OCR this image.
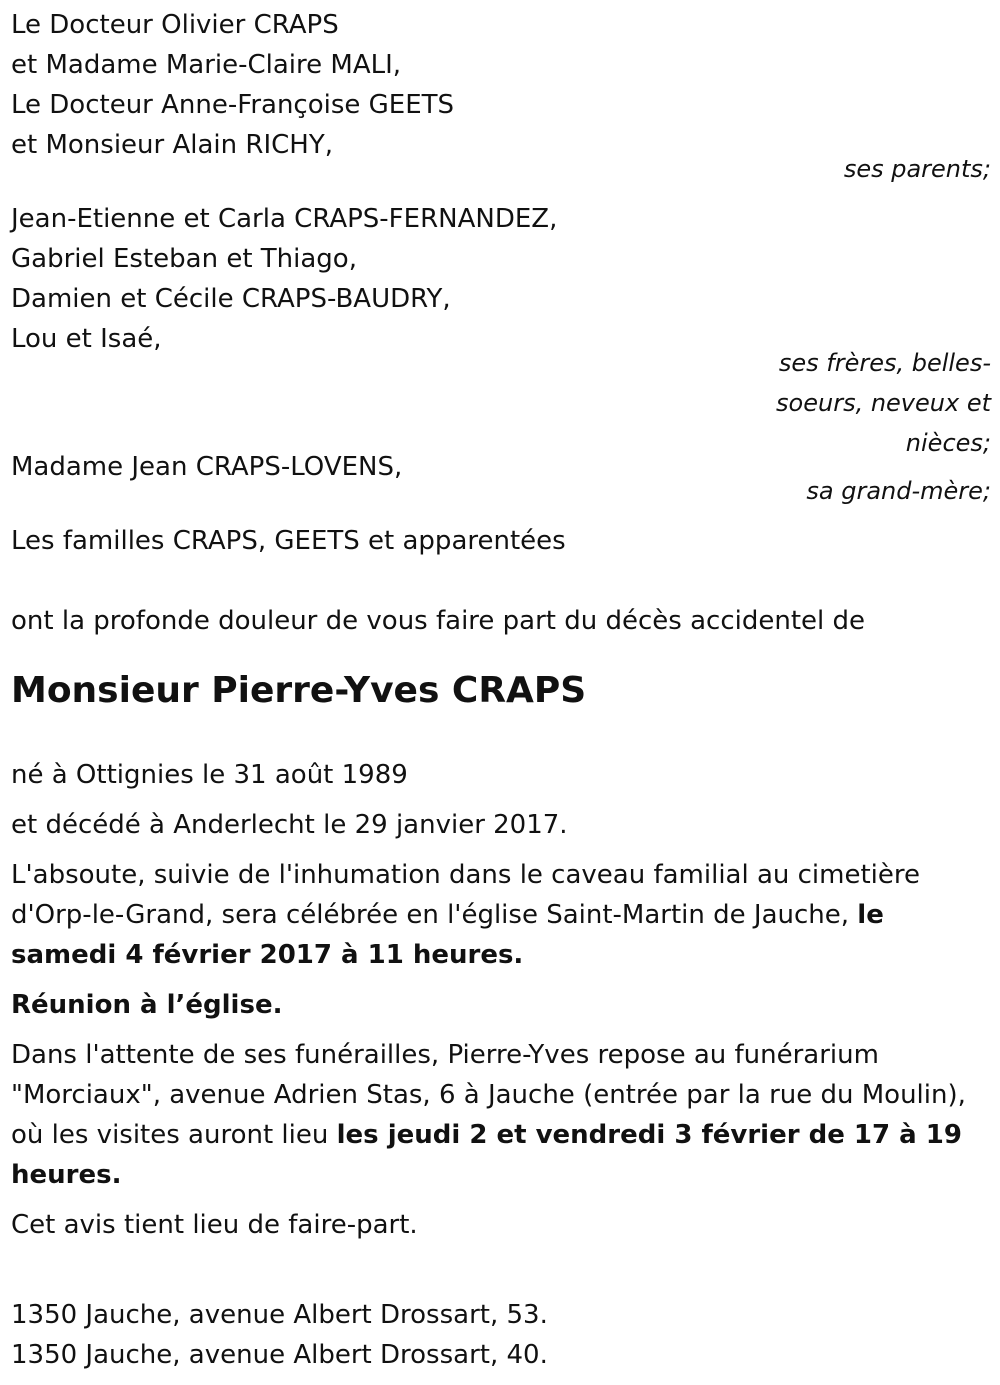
Le Docteur Olivier CRAPS
et Madame Marie-Claire MALI,
Le Docteur Anne-Françoise GEETS
et Monsieur Alain RICHY,
ses parents;
Jean-Etienne et Carla CRAPS-FERNANDEZ,
Gabriel Esteban et Thiago,
Damien et Cécile CRAPS-BAUDRY,
Lou et Isaé,
ses frères, belles-
soeurs, neveux et
nièces;
Madame Jean CRAPS-LOVENS,
sa grand-mère;
Les familles CRAPS, GEETS et apparentées
ont la profonde douleur de vous faire part du décès accidentel de
Monsieur Pierre-Yves CRAPS
né à Ottignies le 31 août 1989
et décédé à Anderlecht le 29 janvier 2017.
L'absoute, suivie de l'inhumation dans le caveau familial au cimetière d'Orp-le-Grand, sera célébrée en l'église Saint-Martin de Jauche, le samedi 4 février 2017 à 11 heures.
Réunion à l’église.
Dans l'attente de ses funérailles, Pierre-Yves repose au funérarium "Morciaux", avenue Adrien Stas, 6 à Jauche (entrée par la rue du Moulin), où les visites auront lieu les jeudi 2 et vendredi 3 février de 17 à 19 heures.
Cet avis tient lieu de faire-part.
1350 Jauche, avenue Albert Drossart, 53.
1350 Jauche, avenue Albert Drossart, 40.
